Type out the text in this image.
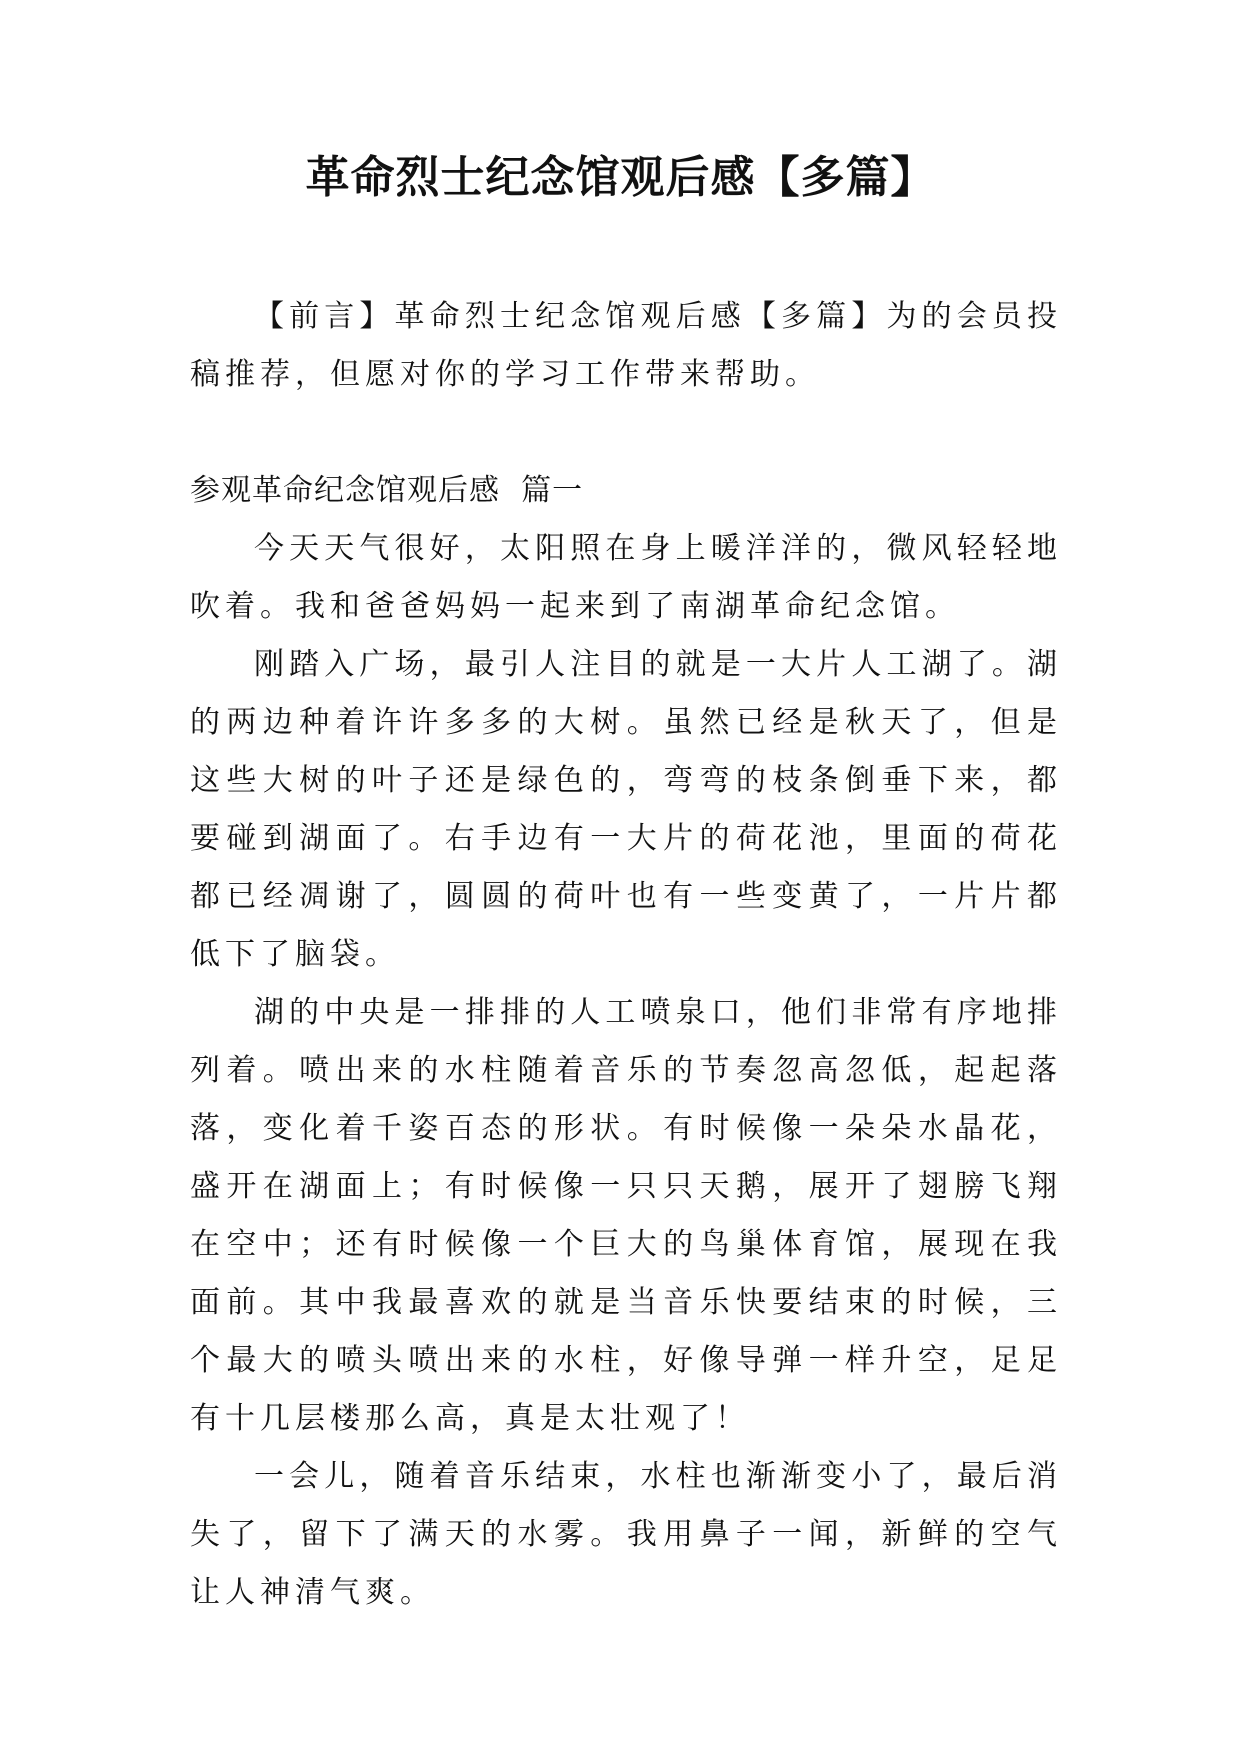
革命烈士纪念馆观后感【多篇】

【前言】革命烈士纪念馆观后感【多篇】为的会员投稿推荐，但愿对你的学习工作带来帮助。

参观革命纪念馆观后感  篇一

今天天气很好，太阳照在身上暖洋洋的，微风轻轻地吹着。我和爸爸妈妈一起来到了南湖革命纪念馆。

刚踏入广场，最引人注目的就是一大片人工湖了。湖的两边种着许许多多的大树。虽然已经是秋天了，但是这些大树的叶子还是绿色的，弯弯的枝条倒垂下来，都要碰到湖面了。右手边有一大片的荷花池，里面的荷花都已经凋谢了，圆圆的荷叶也有一些变黄了，一片片都低下了脑袋。

湖的中央是一排排的人工喷泉口，他们非常有序地排列着。喷出来的水柱随着音乐的节奏忽高忽低，起起落落，变化着千姿百态的形状。有时候像一朵朵水晶花，盛开在湖面上；有时候像一只只天鹅，展开了翅膀飞翔在空中；还有时候像一个巨大的鸟巢体育馆，展现在我面前。其中我最喜欢的就是当音乐快要结束的时候，三个最大的喷头喷出来的水柱，好像导弹一样升空，足足有十几层楼那么高，真是太壮观了！

一会儿，随着音乐结束，水柱也渐渐变小了，最后消失了，留下了满天的水雾。我用鼻子一闻，新鲜的空气让人神清气爽。
